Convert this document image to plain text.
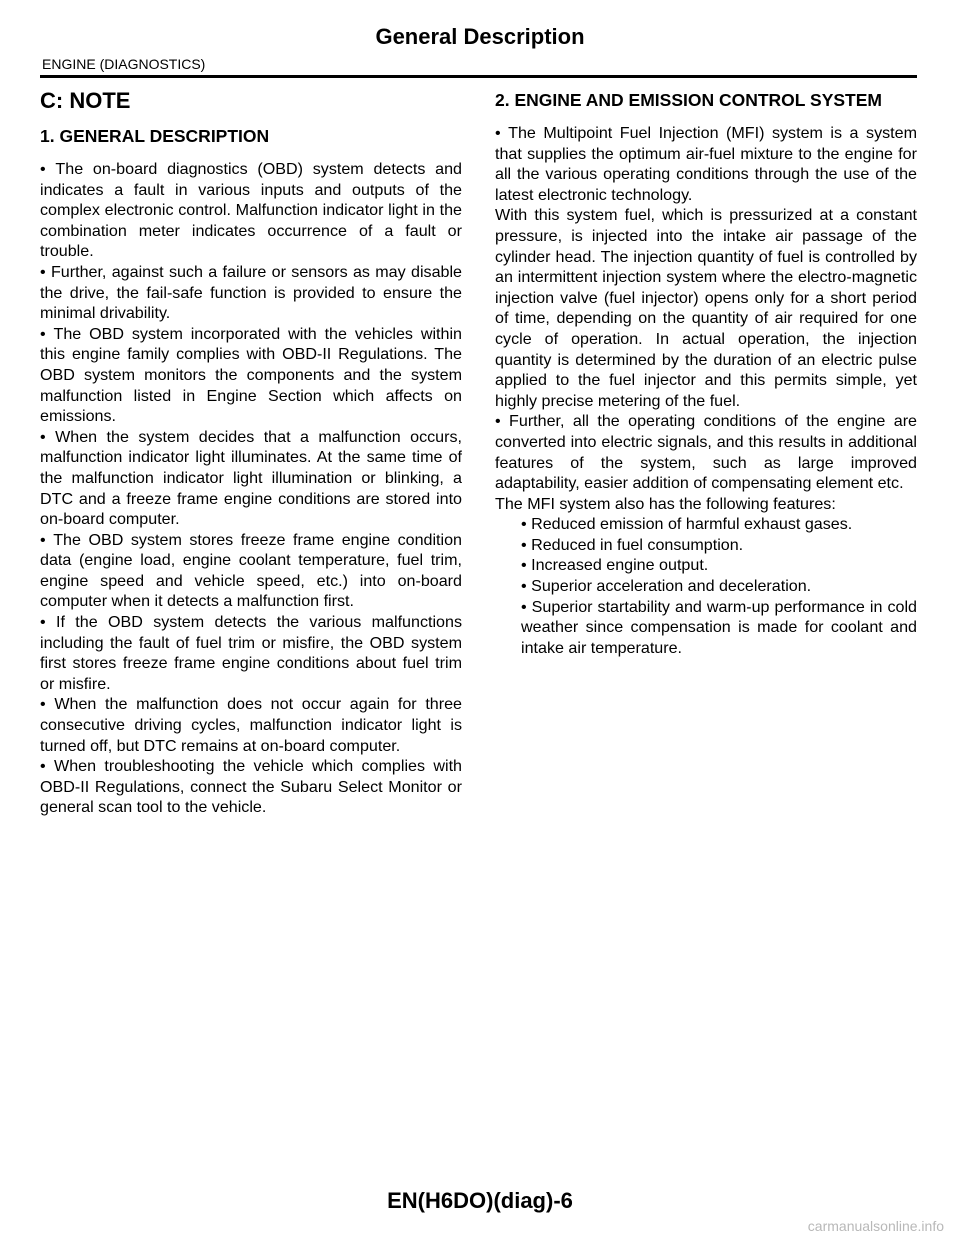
General Description
ENGINE (DIAGNOSTICS)
C: NOTE
1. GENERAL DESCRIPTION

• The on-board diagnostics (OBD) system detects and indicates a fault in various inputs and outputs of the complex electronic control. Malfunction indicator light in the combination meter indicates occurrence of a fault or trouble.

• Further, against such a failure or sensors as may disable the drive, the fail-safe function is provided to ensure the minimal drivability.

• The OBD system incorporated with the vehicles within this engine family complies with OBD-II Regulations. The OBD system monitors the components and the system malfunction listed in Engine Section which affects on emissions.

• When the system decides that a malfunction occurs, malfunction indicator light illuminates. At the same time of the malfunction indicator light illumination or blinking, a DTC and a freeze frame engine conditions are stored into on-board computer.

• The OBD system stores freeze frame engine condition data (engine load, engine coolant temperature, fuel trim, engine speed and vehicle speed, etc.) into on-board computer when it detects a malfunction first.

• If the OBD system detects the various malfunctions including the fault of fuel trim or misfire, the OBD system first stores freeze frame engine conditions about fuel trim or misfire.

• When the malfunction does not occur again for three consecutive driving cycles, malfunction indicator light is turned off, but DTC remains at on-board computer.

• When troubleshooting the vehicle which complies with OBD-II Regulations, connect the Subaru Select Monitor or general scan tool to the vehicle.

2. ENGINE AND EMISSION CONTROL SYSTEM

• The Multipoint Fuel Injection (MFI) system is a system that supplies the optimum air-fuel mixture to the engine for all the various operating conditions through the use of the latest electronic technology.

With this system fuel, which is pressurized at a constant pressure, is injected into the intake air passage of the cylinder head. The injection quantity of fuel is controlled by an intermittent injection system where the electro-magnetic injection valve (fuel injector) opens only for a short period of time, depending on the quantity of air required for one cycle of operation. In actual operation, the injection quantity is determined by the duration of an electric pulse applied to the fuel injector and this permits simple, yet highly precise metering of the fuel.

• Further, all the operating conditions of the engine are converted into electric signals, and this results in additional features of the system, such as large improved adaptability, easier addition of compensating element etc.

The MFI system also has the following features:

• Reduced emission of harmful exhaust gases.

• Reduced in fuel consumption.

• Increased engine output.

• Superior acceleration and deceleration.

• Superior startability and warm-up performance in cold weather since compensation is made for coolant and intake air temperature.

EN(H6DO)(diag)-6
carmanualsonline.info
